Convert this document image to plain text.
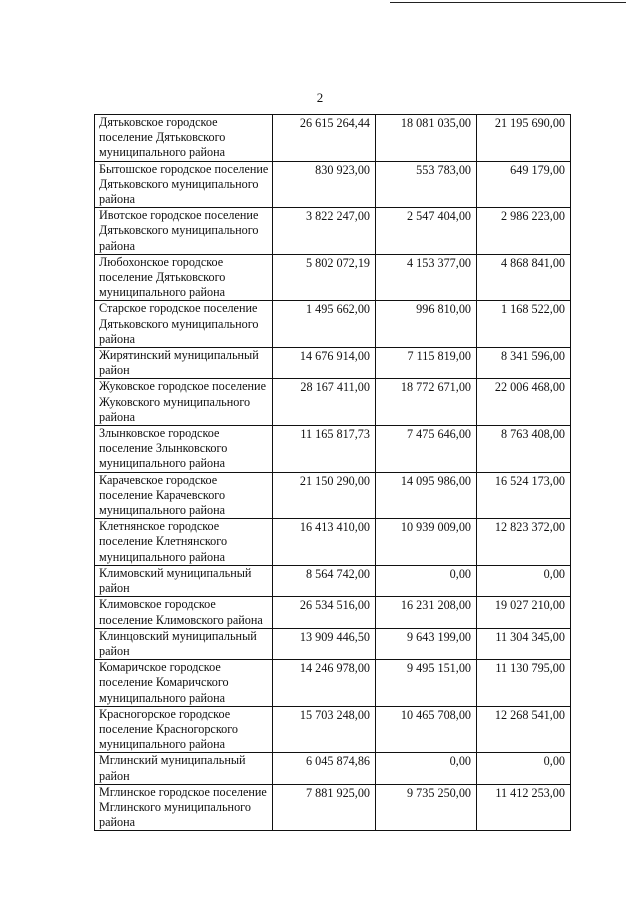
2
Дятьковское городское поселение Дятьковского муниципального района	26 615 264,44	18 081 035,00	21 195 690,00
Бытошское городское поселение Дятьковского муниципального района	830 923,00	553 783,00	649 179,00
Ивотское городское поселение Дятьковского муниципального района	3 822 247,00	2 547 404,00	2 986 223,00
Любохонское городское поселение Дятьковского муниципального района	5 802 072,19	4 153 377,00	4 868 841,00
Старское городское поселение Дятьковского муниципального района	1 495 662,00	996 810,00	1 168 522,00
Жирятинский муниципальный район	14 676 914,00	7 115 819,00	8 341 596,00
Жуковское городское поселение Жуковского муниципального района	28 167 411,00	18 772 671,00	22 006 468,00
Злынковское городское поселение Злынковского муниципального района	11 165 817,73	7 475 646,00	8 763 408,00
Карачевское городское поселение Карачевского муниципального района	21 150 290,00	14 095 986,00	16 524 173,00
Клетнянское городское поселение Клетнянского муниципального района	16 413 410,00	10 939 009,00	12 823 372,00
Климовский муниципальный район	8 564 742,00	0,00	0,00
Климовское городское поселение Климовского района	26 534 516,00	16 231 208,00	19 027 210,00
Клинцовский муниципальный район	13 909 446,50	9 643 199,00	11 304 345,00
Комаричское городское поселение Комаричского муниципального района	14 246 978,00	9 495 151,00	11 130 795,00
Красногорское городское поселение Красногорского муниципального района	15 703 248,00	10 465 708,00	12 268 541,00
Мглинский муниципальный район	6 045 874,86	0,00	0,00
Мглинское городское поселение Мглинского муниципального района	7 881 925,00	9 735 250,00	11 412 253,00
